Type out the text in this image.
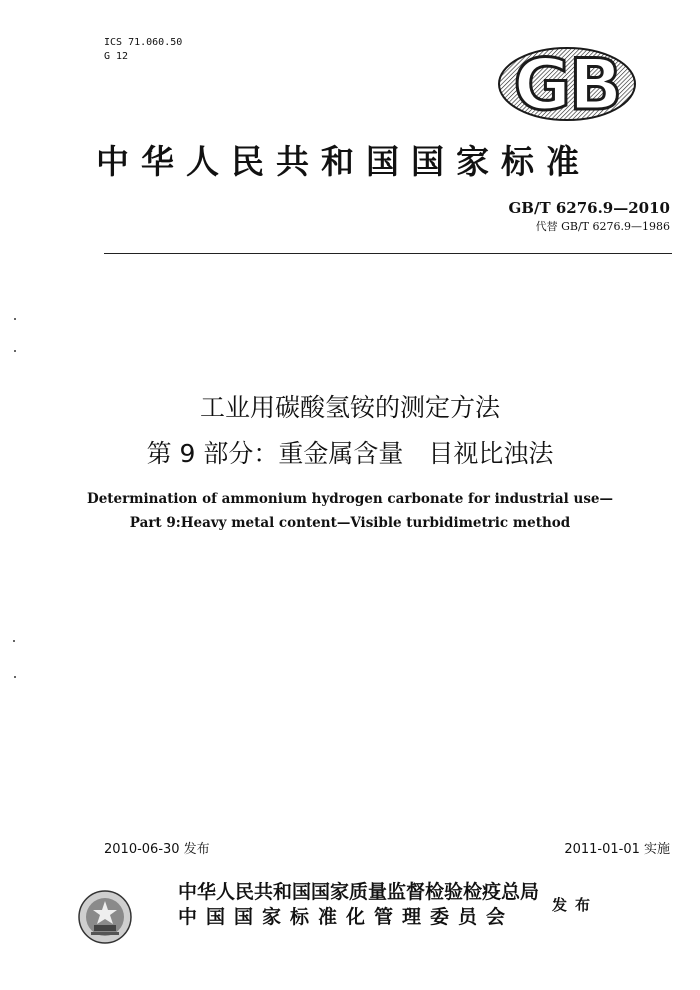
ICS 71.060.50
G 12	GB
中华人民共和国国家标准
GB/T 6276.9—2010
代替 GB/T 6276.9—1986
工业用碳酸氢铵的测定方法
第 9 部分：重金属含量　目视比浊法
Determination of ammonium hydrogen carbonate for industrial use—
Part 9:Heavy metal content—Visible turbidimetric method
2010-06-30 发布	2011-01-01 实施
中华人民共和国国家质量监督检验检疫总局
中国国家标准化管理委员会
发布
